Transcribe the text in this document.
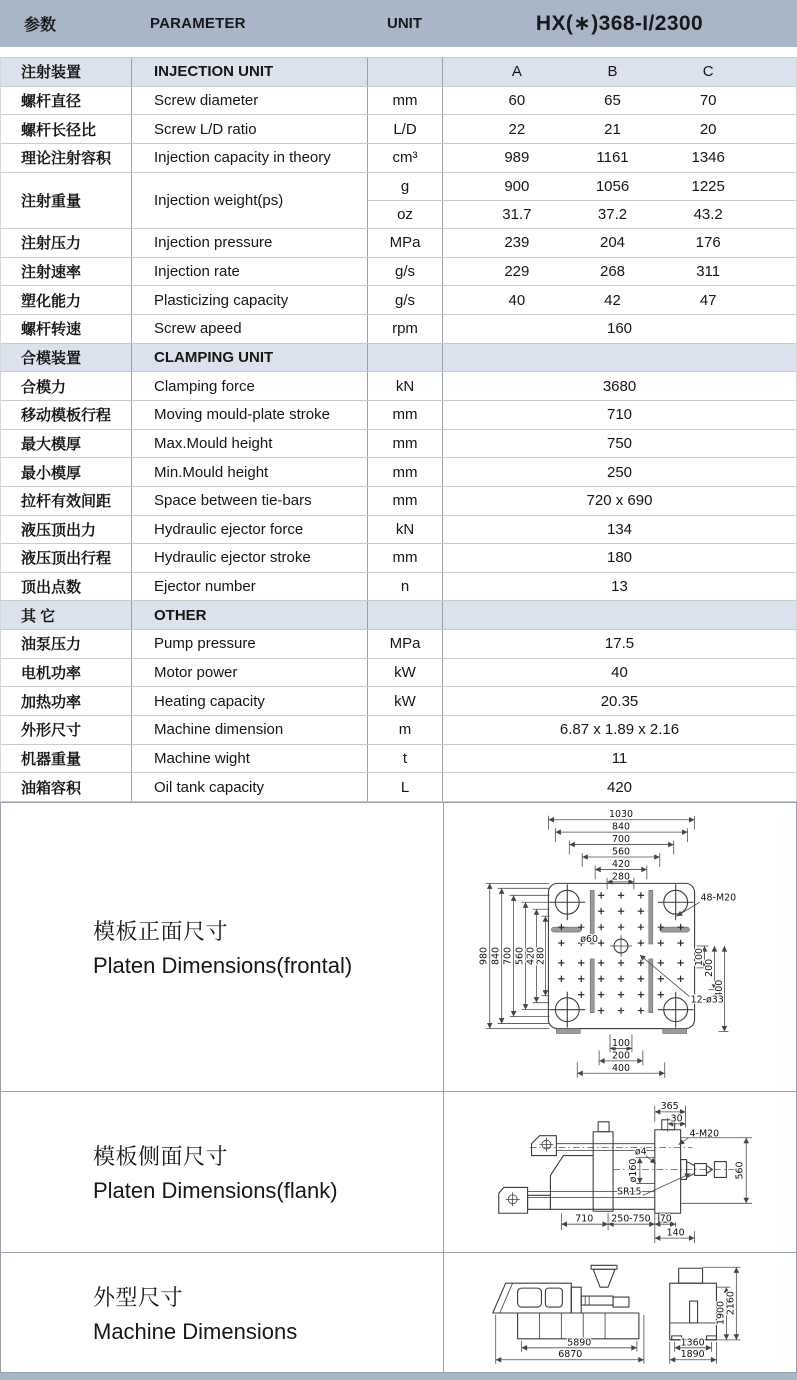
参数	PARAMETER	UNIT	HX(∗)368-I/2300
注射装置	INJECTION UNIT	A	B	C
螺杆直径	Screw diameter	mm	60	65	70
螺杆长径比	Screw L/D ratio	L/D	22	21	20
理论注射容积	Injection capacity in theory	cm³	989	1161	1346
注射重量	Injection weight(ps)
g	900	1056	1225
oz	31.7	37.2	43.2
注射压力	Injection pressure	MPa	239	204	176
注射速率	Injection rate	g/s	229	268	311
塑化能力	Plasticizing capacity	g/s	40	42	47
螺杆转速	Screw apeed	rpm	160
合模装置	CLAMPING UNIT
合模力	Clamping force	kN	3680
移动模板行程	Moving mould-plate stroke	mm	710
最大模厚	Max.Mould height	mm	750
最小模厚	Min.Mould height	mm	250
拉杆有效间距	Space between tie-bars	mm	720 x 690
液压顶出力	Hydraulic ejector force	kN	134
液压顶出行程	Hydraulic ejector stroke	mm	180
顶出点数	Ejector number	n	13
其 它	OTHER
油泵压力	Pump pressure	MPa	17.5
电机功率	Motor power	kW	40
加热功率	Heating capacity	kW	20.35
外形尺寸	Machine dimension	m	6.87 x 1.89 x 2.16
机器重量	Machine wight	t	11
油箱容积	Oil tank capacity	L	420
模板正面尺寸
Platen Dimensions(frontal)
1030
840
700
560
420
280
980 840 700 560 420
280	100
200
400
100
200
400
48-M20
12-ø33
ø60
模板侧面尺寸
Platen Dimensions(flank)
365
30
4-M20
ø4
ø160
SR15
560
710 250-750 70
140
外型尺寸
Machine Dimensions	5890
6870
1900
2160
1360
1890
